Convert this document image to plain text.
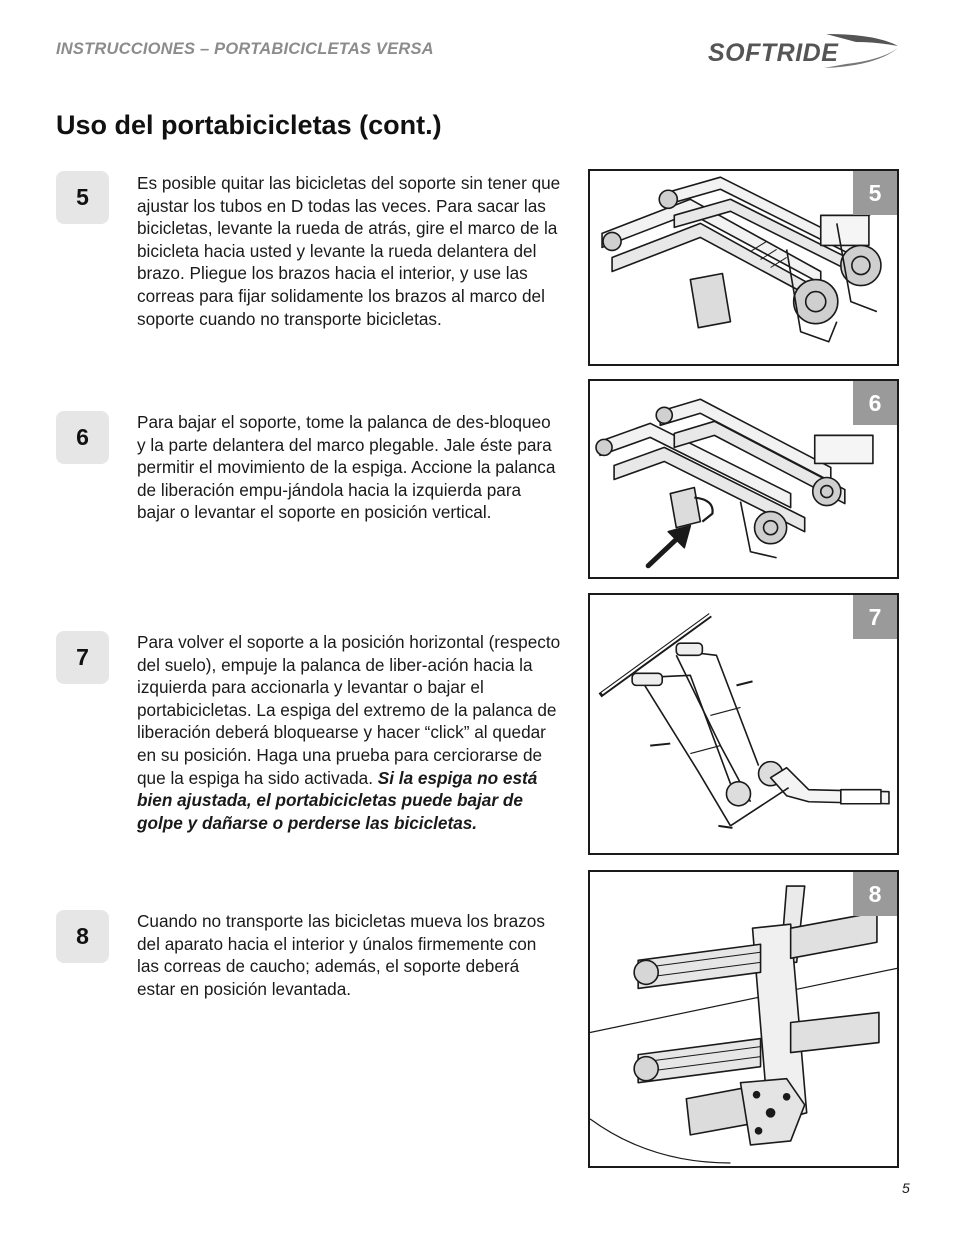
INSTRUCCIONES – PORTABICICLETAS VERSA	SOFTRIDE
Uso del portabicicletas (cont.)
5

Es posible quitar las bicicletas del soporte sin tener que ajustar los tubos en D todas las veces. Para sacar las bicicletas, levante la rueda de atrás, gire el marco de la bicicleta hacia usted y levante la rueda delantera del brazo. Pliegue los brazos hacia el interior, y use las correas para fijar solidamente los brazos al marco del soporte cuando no transporte bicicletas.

5
6

Para bajar el soporte, tome la palanca de des-bloqueo y la parte delantera del marco plegable. Jale éste para permitir el movimiento de la espiga. Accione la palanca de liberación empu-jándola hacia la izquierda para bajar o levantar el soporte en posición vertical.

6
7

Para volver el soporte a la posición horizontal (respecto del suelo), empuje la palanca de liber-ación hacia la izquierda para accionarla y levantar o bajar el portabicicletas. La espiga del extremo de la palanca de liberación deberá bloquearse y hacer “click” al quedar en su posición. Haga una prueba para cerciorarse de que la espiga ha sido activada. Si la espiga no está bien ajustada, el portabicicletas puede bajar de golpe y dañarse o perderse las bicicletas.

7
8

Cuando no transporte las bicicletas mueva los brazos del aparato hacia el interior y únalos firmemente con las correas de caucho; además, el soporte deberá estar en posición levantada.

8
5
